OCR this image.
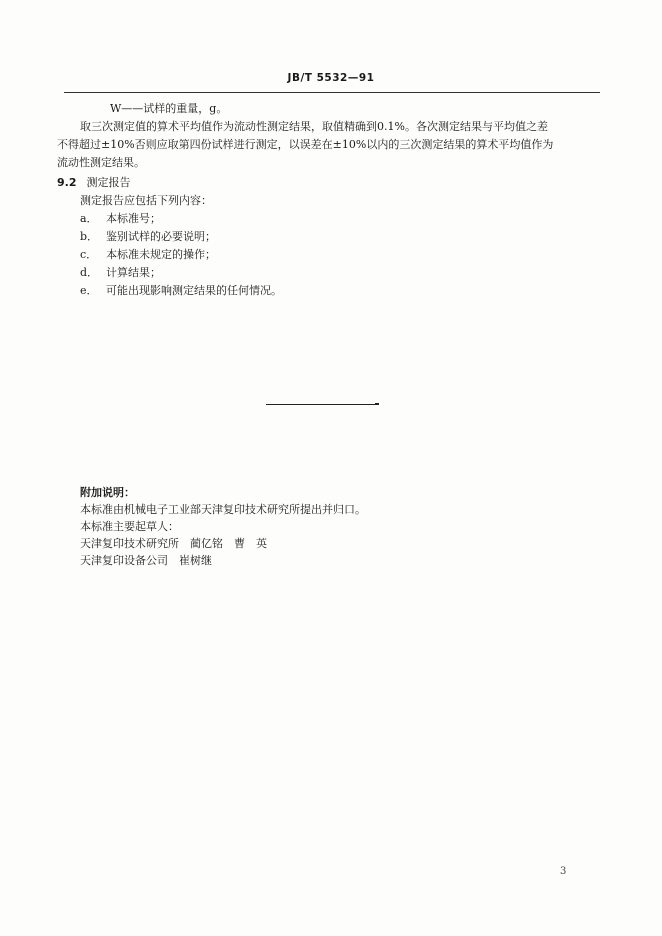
JB/T 5532—91
W——试样的重量，g。
取三次测定值的算术平均值作为流动性测定结果，取值精确到0.1%。各次测定结果与平均值之差
不得超过±10%否则应取第四份试样进行测定，以误差在±10%以内的三次测定结果的算术平均值作为
流动性测定结果。
9.2 测定报告
测定报告应包括下列内容：
a． 本标准号；
b． 鉴别试样的必要说明；
c． 本标准未规定的操作；
d． 计算结果；
e． 可能出现影响测定结果的任何情况。
附加说明：
本标准由机械电子工业部天津复印技术研究所提出并归口。
本标准主要起草人：
天津复印技术研究所　蔺亿铭　曹　英
天津复印设备公司　崔树继
3
